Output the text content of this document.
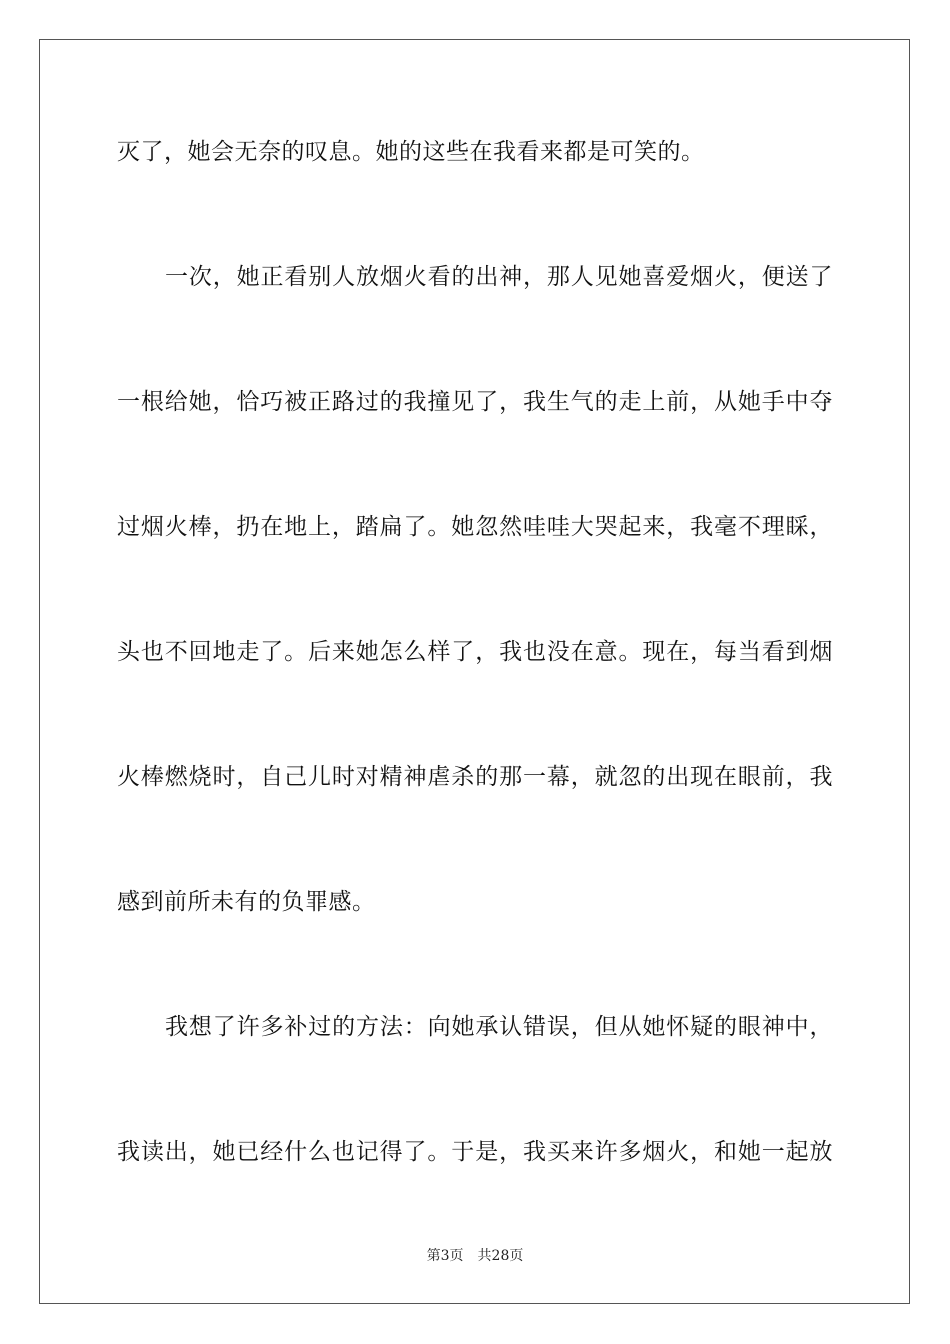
灭了，她会无奈的叹息。她的这些在我看来都是可笑的。

一次，她正看别人放烟火看的出神，那人见她喜爱烟火，便送了

一根给她，恰巧被正路过的我撞见了，我生气的走上前，从她手中夺

过烟火棒，扔在地上，踏扁了。她忽然哇哇大哭起来，我毫不理睬，

头也不回地走了。后来她怎么样了，我也没在意。现在，每当看到烟

火棒燃烧时，自己儿时对精神虐杀的那一幕，就忽的出现在眼前，我

感到前所未有的负罪感。

我想了许多补过的方法：向她承认错误，但从她怀疑的眼神中，

我读出，她已经什么也记得了。于是，我买来许多烟火，和她一起放

第3页 共28页
